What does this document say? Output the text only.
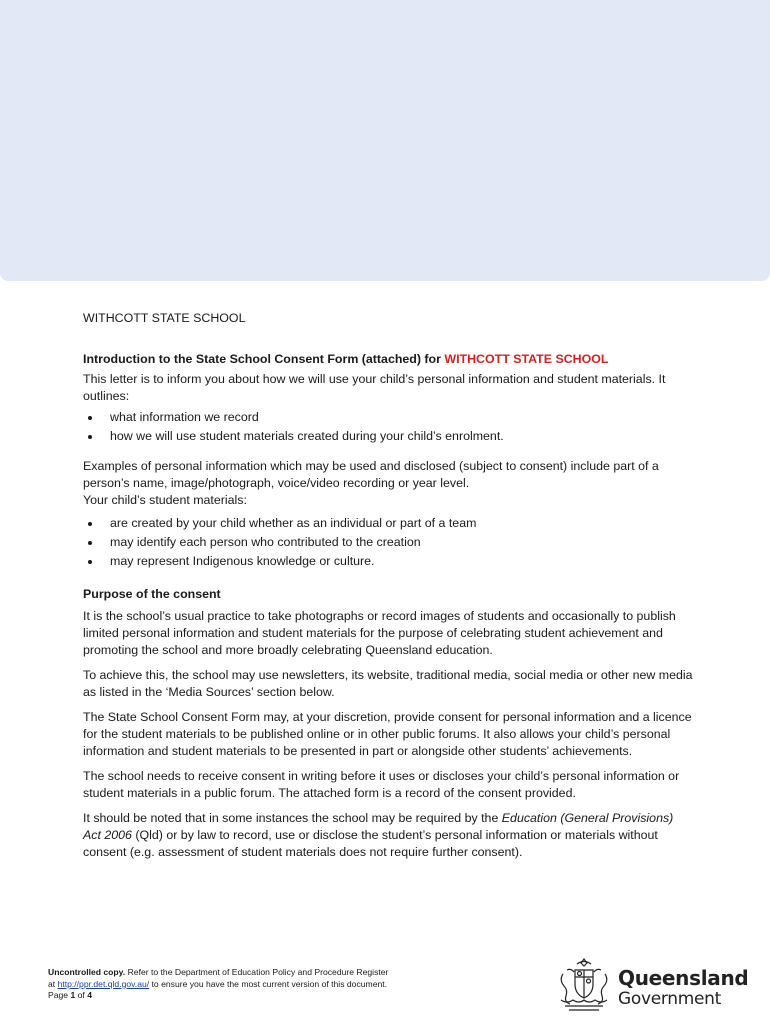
WITHCOTT STATE SCHOOL
Introduction to the State School Consent Form (attached) for WITHCOTT STATE SCHOOL

This letter is to inform you about how we will use your child’s personal information and student materials. It outlines:

what information we record
how we will use student materials created during your child’s enrolment.

Examples of personal information which may be used and disclosed (subject to consent) include part of a person’s name, image/photograph, voice/video recording or year level.

Your child’s student materials:

are created by your child whether as an individual or part of a team
may identify each person who contributed to the creation
may represent Indigenous knowledge or culture.
Purpose of the consent

It is the school’s usual practice to take photographs or record images of students and occasionally to publish limited personal information and student materials for the purpose of celebrating student achievement and promoting the school and more broadly celebrating Queensland education.

To achieve this, the school may use newsletters, its website, traditional media, social media or other new media as listed in the ‘Media Sources’ section below.

The State School Consent Form may, at your discretion, provide consent for personal information and a licence for the student materials to be published online or in other public forums. It also allows your child’s personal information and student materials to be presented in part or alongside other students’ achievements.

The school needs to receive consent in writing before it uses or discloses your child’s personal information or student materials in a public forum. The attached form is a record of the consent provided.

It should be noted that in some instances the school may be required by the Education (General Provisions) Act 2006 (Qld) or by law to record, use or disclose the student’s personal information or materials without consent (e.g. assessment of student materials does not require further consent).

Uncontrolled copy. Refer to the Department of Education Policy and Procedure Register
at http://ppr.det.qld.gov.au/ to ensure you have the most current version of this document.
Page 1 of 4
Queensland
Government
